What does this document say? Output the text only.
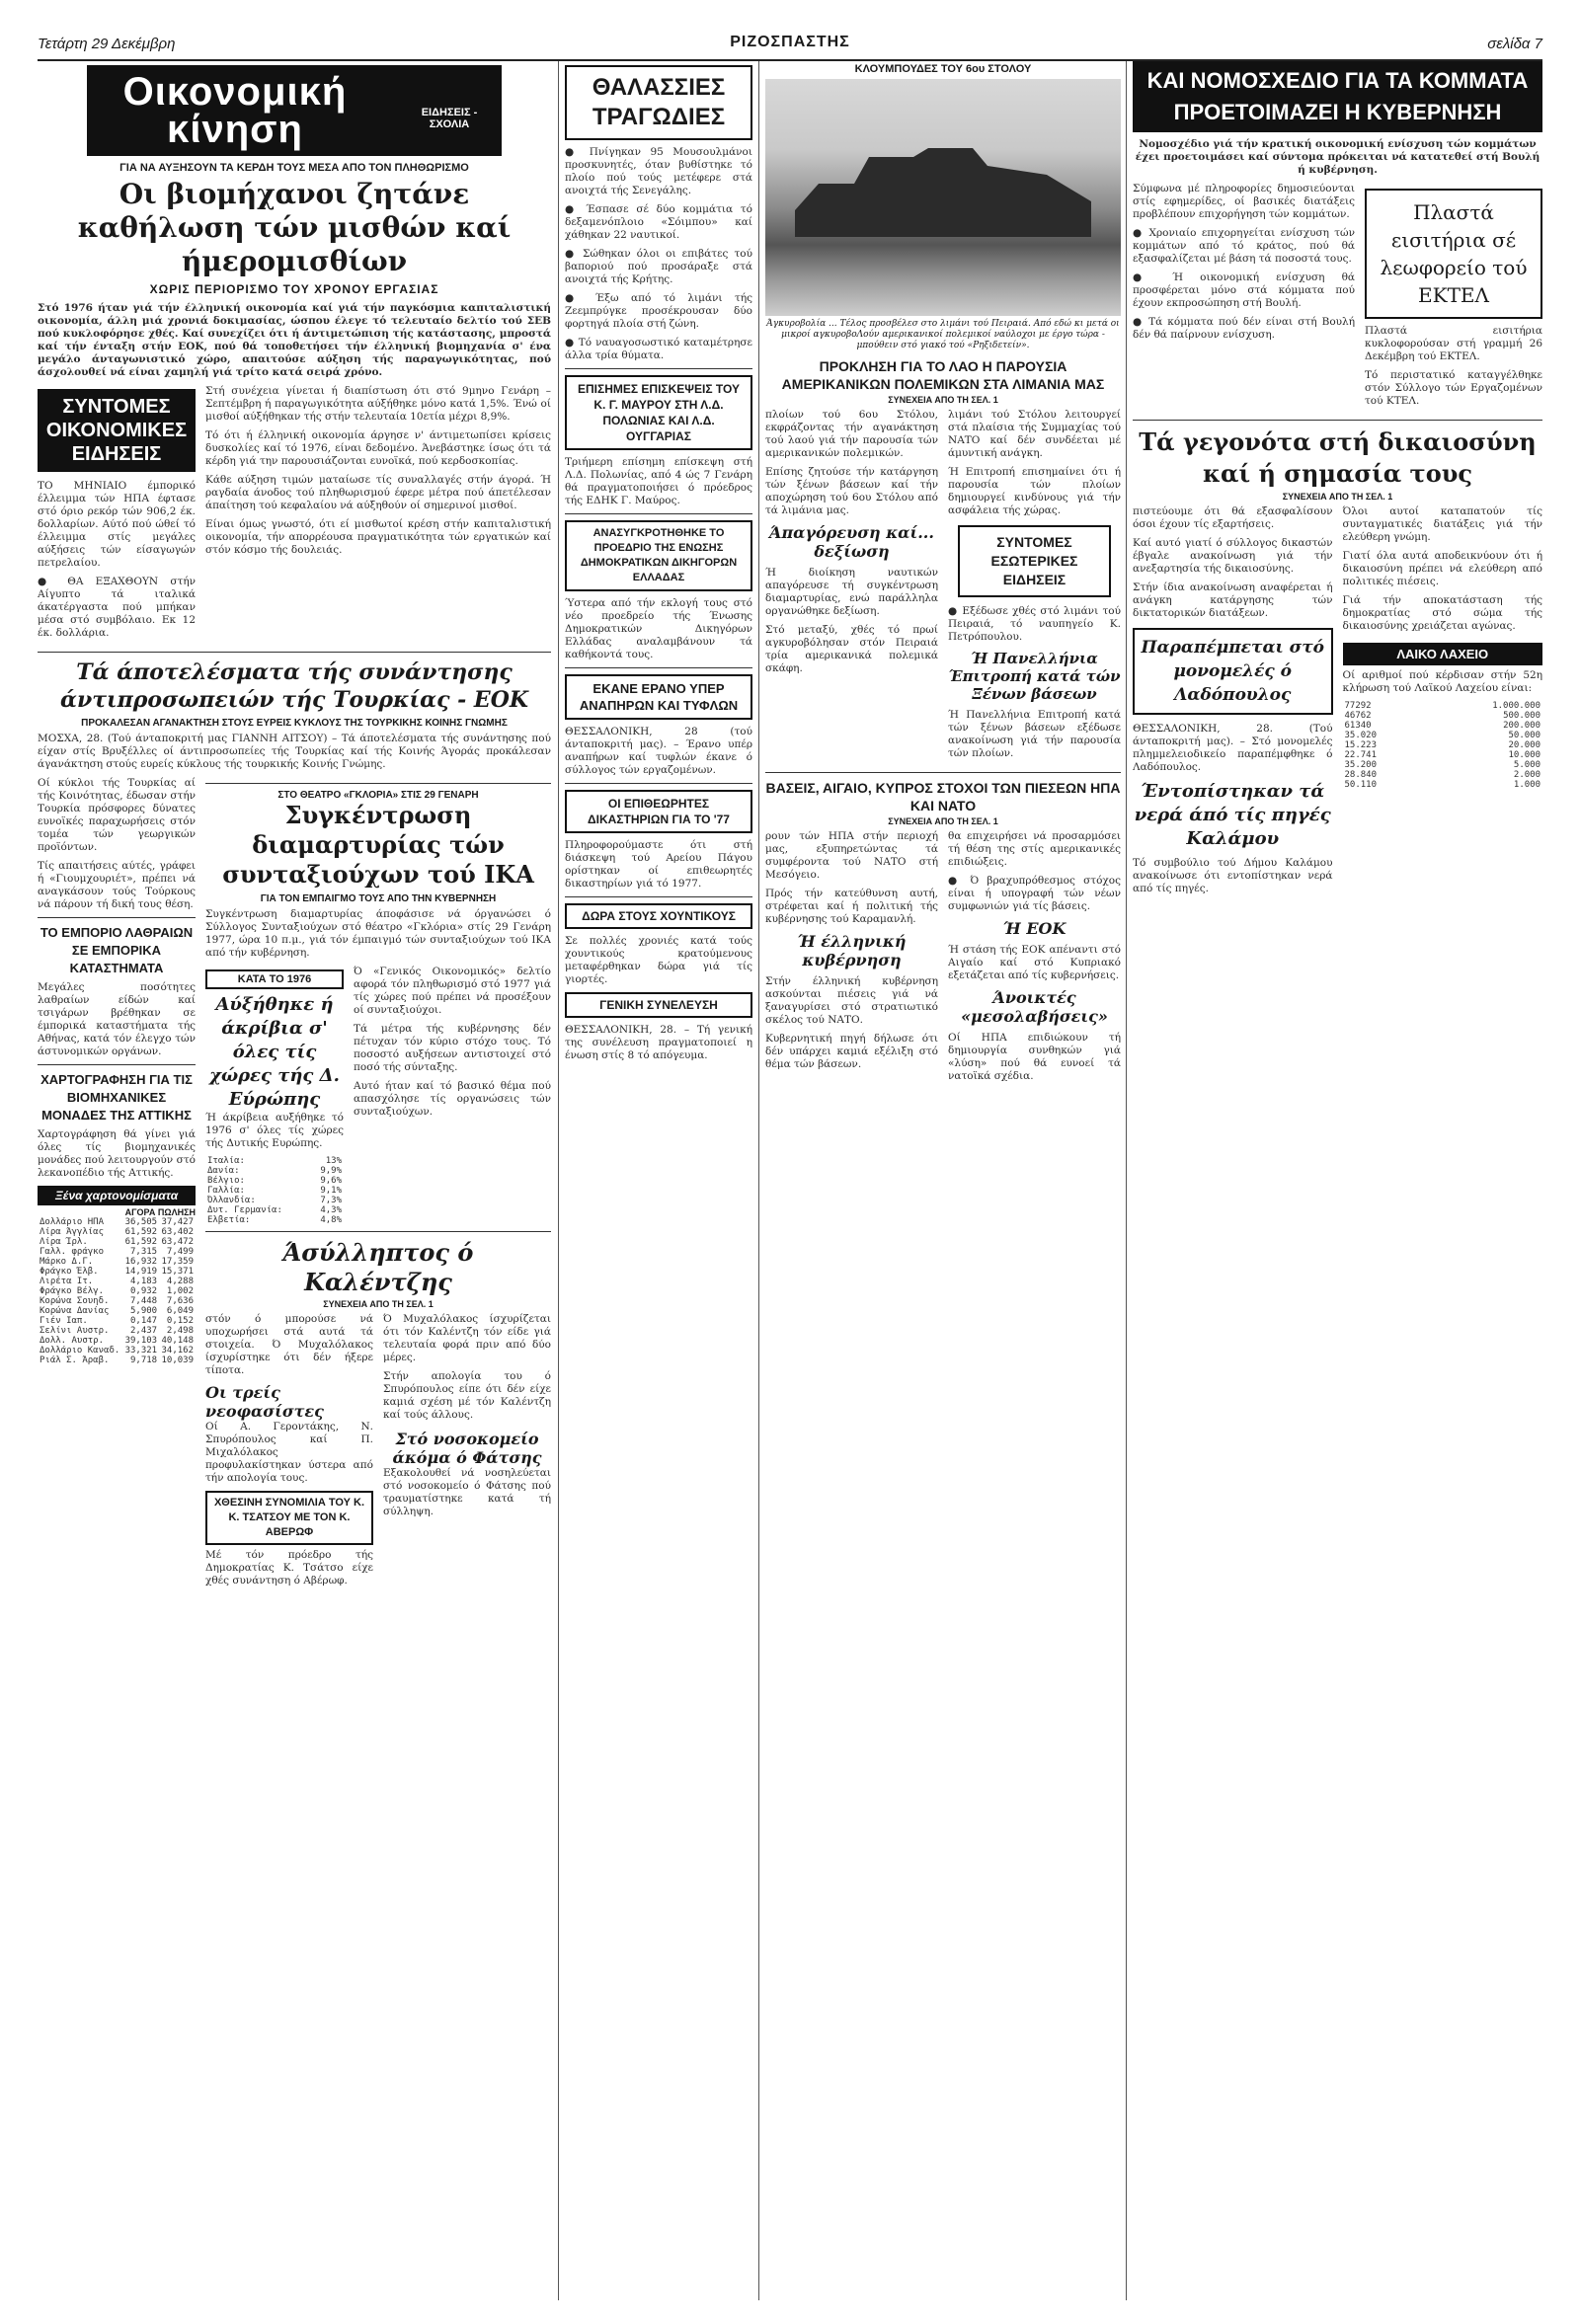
Τετάρτη 29 Δεκέμβρη	ΡΙΖΟΣΠΑΣΤΗΣ	σελίδα 7
Οικονομική κίνηση	ΕΙΔΗΣΕΙΣ - ΣΧΟΛΙΑ
ΓΙΑ ΝΑ ΑΥΞΗΣΟΥΝ ΤΑ ΚΕΡΔΗ ΤΟΥΣ ΜΕΣΑ ΑΠΟ ΤΟΝ ΠΛΗΘΩΡΙΣΜΟ
Οι βιομήχανοι ζητάνε καθήλωση τών μισθών καί ήμερομισθίων
ΧΩΡΙΣ ΠΕΡΙΟΡΙΣΜΟ ΤΟΥ ΧΡΟΝΟΥ ΕΡΓΑΣΙΑΣ

Στό 1976 ήταν γιά τήν έλληνική οικονομία καί γιά τήν παγκόσμια καπιταλιστική οικονομία, άλλη μιά χρονιά δοκιμασίας, ώσπου έλεγε τό τελευταίο δελτίο τού ΣΕΒ πού κυκλοφόρησε χθές. Καί συνεχίζει ότι ή άντιμετώπιση τής κατάστασης, μπροστά καί τήν ένταξη στήν ΕΟΚ, πού θά τοποθετήσει τήν έλληνική βιομηχανία σ' ένα μεγάλο άνταγωνιστικό χώρο, απαιτούσε αύξηση τής παραγωγικότητας, πού άσχολουθεί νά είναι χαμηλή γιά τρίτο κατά σειρά χρόνο.

ΣΥΝΤΟΜΕΣ ΟΙΚΟΝΟΜΙΚΕΣ ΕΙΔΗΣΕΙΣ

ΤΟ ΜΗΝΙΑΙΟ έμπορικό έλλειμμα τών ΗΠΑ έφτασε στό όριο ρεκόρ τών 906,2 έκ. δολλαρίων. Αύτό πού ώθεί τό έλλειμμα στίς μεγάλες αύξήσεις τών είσαγωγών πετρελαίου.

● ΘΑ ΕΞΑΧΘΟΥΝ στήν Αίγυπτο τά ιταλικά άκατέργαστα πού μπήκαν μέσα στό συμβόλαιο. Εκ 12 έκ. δολλάρια.

Στή συνέχεια γίνεται ή διαπίστωση ότι στό 9μηνο Γενάρη – Σεπτέμβρη ή παραγωγικότητα αύξήθηκε μόνο κατά 1,5%. Ένώ οί μισθοί αύξήθηκαν τής στήν τελευταία 10ετία μέχρι 8,9%.

Τό ότι ή έλληνική οικονομία άργησε ν' άντιμετωπίσει κρίσεις δυσκολίες καί τό 1976, είναι δεδομένο. Άνεβάστηκε ίσως ότι τά κέρδη γιά την παρουσιάζονται ευνοϊκά, πού κερδοσκοπίας.

Κάθε αύξηση τιμών ματαίωσε τίς συναλλαγές στήν άγορά. Ή ραγδαία άνοδος τού πληθωρισμού έφερε μέτρα πού άπετέλεσαν άπαίτηση τού κεφαλαίου νά αύξηθούν οί σημερινοί μισθοί.

Είναι όμως γνωστό, ότι εί μισθωτοί κρέση στήν καπιταλιστική οικονομία, τήν απορρέουσα πραγματικότητα τών εργατικών καί στόν κόσμο τής δουλειάς.

Τά άποτελέσματα τής συνάντησης άντιπροσωπειών τής Τουρκίας - ΕΟΚ
ΠΡΟΚΑΛΕΣΑΝ ΑΓΑΝΑΚΤΗΣΗ ΣΤΟΥΣ ΕΥΡΕΙΣ ΚΥΚΛΟΥΣ ΤΗΣ ΤΟΥΡΚΙΚΗΣ ΚΟΙΝΗΣ ΓΝΩΜΗΣ

ΜΟΣΧΑ, 28. (Τού άνταποκριτή μας ΓΙΑΝΝΗ ΑΙΤΣΟΥ) – Τά άποτελέσματα τής συνάντησης πού είχαν στίς Βρυξέλλες οί άντιπροσωπείες τής Τουρκίας καί τής Κοινής Άγοράς προκάλεσαν άγανάκτηση στούς ευρείς κύκλους τής τουρκικής Κοινής Γνώμης.

Οί κύκλοι τής Τουρκίας αί τής Κοινότητας, έδωσαν στήν Τουρκία πρόσφορες δύνατες ευνοϊκές παραχωρήσεις στόν τομέα τών γεωργικών προϊόντων.

Τίς απαιτήσεις αύτές, γράφει ή «Γιουμχουριέτ», πρέπει νά αναγκάσουν τούς Τούρκους νά πάρουν τή δική τους θέση.

ΤΟ ΕΜΠΟΡΙΟ ΛΑΘΡΑΙΩΝ ΣΕ ΕΜΠΟΡΙΚΑ ΚΑΤΑΣΤΗΜΑΤΑ

Μεγάλες ποσότητες λαθραίων είδών καί τσιγάρων βρέθηκαν σε έμπορικά καταστήματα τής Αθήνας, κατά τόν έλεγχο τών άστυνομικών οργάνων.

ΧΑΡΤΟΓΡΑΦΗΣΗ ΓΙΑ ΤΙΣ ΒΙΟΜΗΧΑΝΙΚΕΣ ΜΟΝΑΔΕΣ ΤΗΣ ΑΤΤΙΚΗΣ

Χαρτογράφηση θά γίνει γιά όλες τίς βιομηχανικές μονάδες πού λειτουργούν στό λεκανοπέδιο τής Αττικής.

Ξένα χαρτονομίσματα
ΑΓΟΡΑ ΠΩΛΗΣΗ
Δολλάριο ΗΠΑ	36,505	37,427
Λίρα Άγγλίας	61,592	63,402
Λίρα Ίρλ.	61,592	63,472
Γαλλ. φράγκο	7,315	7,499
Μάρκο Δ.Γ.	16,932	17,359
Φράγκο Έλβ.	14,919	15,371
Λιρέτα Ιτ.	4,183	4,288
Φράγκο Βέλγ.	0,932	1,002
Κορώνα Σουηδ.	7,448	7,636
Κορώνα Δανίας	5,900	6,049
Γιέν Ιαπ.	0,147	0,152
Σελίνι Αυστρ.	2,437	2,498
Δολλ. Αυστρ.	39,103	40,148
Δολλάριο Καναδ.	33,321	34,162
Ριάλ Σ. Άραβ.	9,718	10,039
ΣΤΟ ΘΕΑΤΡΟ «ΓΚΛΟΡΙΑ» ΣΤΙΣ 29 ΓΕΝΑΡΗ
Συγκέντρωση διαμαρτυρίας τών συνταξιούχων τού ΙΚΑ
ΓΙΑ ΤΟΝ ΕΜΠΑΙΓΜΟ ΤΟΥΣ ΑΠΟ ΤΗΝ ΚΥΒΕΡΝΗΣΗ

Συγκέντρωση διαμαρτυρίας άποφάσισε νά όργανώσει ό Σύλλογος Συνταξιούχων στό θέατρο «Γκλόρια» στίς 29 Γενάρη 1977, ώρα 10 π.μ., γιά τόν έμπαιγμό τών συνταξιούχων τού ΙΚΑ από τήν κυβέρνηση.

ΚΑΤΑ ΤΟ 1976
Αύξήθηκε ή άκρίβια σ' όλες τίς χώρες τής Δ. Εύρώπης

Ή άκρίβεια αυξήθηκε τό 1976 σ' όλες τίς χώρες τής Δυτικής Ευρώπης.

Ιταλία:	13%
Δανία:	9,9%
Βέλγιο:	9,6%
Γαλλία:	9,1%
Όλλανδία:	7,3%
Δυτ. Γερμανία:	4,3%
Ελβετία:	4,8%

Ό «Γενικός Οικονομικός» δελτίο αφορά τόν πληθωρισμό στό 1977 γιά τίς χώρες πού πρέπει νά προσέξουν οί συνταξιούχοι.

Τά μέτρα τής κυβέρνησης δέν πέτυχαν τόν κύριο στόχο τους. Τό ποσοστό αυξήσεων αντιστοιχεί στό ποσό τής σύνταξης.

Αυτό ήταν καί τό βασικό θέμα πού απασχόλησε τίς οργανώσεις τών συνταξιούχων.

Άσύλληπτος ό Καλέντζης
ΣΥΝΕΧΕΙΑ ΑΠΟ ΤΗ ΣΕΛ. 1

στόν ό μπορούσε νά υποχωρήσει στά αυτά τά στοιχεία. Ό Μυχαλόλακος ίσχυρίστηκε ότι δέν ήξερε τίποτα.

Οι τρείς νεοφασίστες

Οί Α. Γεροντάκης, Ν. Σπυρόπουλος καί Π. Μιχαλόλακος προφυλακίστηκαν ύστερα από τήν απολογία τους.

ΧΘΕΣΙΝΗ ΣΥΝΟΜΙΛΙΑ ΤΟΥ Κ. Κ. ΤΣΑΤΣΟΥ ΜΕ ΤΟΝ Κ. ΑΒΕΡΩΦ

Μέ τόν πρόεδρο τής Δημοκρατίας Κ. Τσάτσο είχε χθές συνάντηση ό Αβέρωφ.

Ό Μυχαλόλακος ίσχυρίζεται ότι τόν Καλέντζη τόν είδε γιά τελευταία φορά πριν από δύο μέρες.

Στήν απολογία του ό Σπυρόπουλος είπε ότι δέν είχε καμιά σχέση μέ τόν Καλέντζη καί τούς άλλους.

Στό νοσοκομείο άκόμα ό Φάτσης

Εξακολουθεί νά νοσηλεύεται στό νοσοκομείο ό Φάτσης πού τραυματίστηκε κατά τή σύλληψη.

ΘΑΛΑΣΣΙΕΣ ΤΡΑΓΩΔΙΕΣ

● Πνίγηκαν 95 Μουσουλμάνοι προσκυνητές, όταν βυθίστηκε τό πλοίο πού τούς μετέφερε στά ανοιχτά τής Σενεγάλης.

● Έσπασε σέ δύο κομμάτια τό δεξαμενόπλοιο «Σόιμπου» καί χάθηκαν 22 ναυτικοί.

● Σώθηκαν όλοι οι επιβάτες τού βαποριού πού προσάραξε στά ανοιχτά τής Κρήτης.

● Έξω από τό λιμάνι τής Ζεεμπρύγκε προσέκρουσαν δύο φορτηγά πλοία στή ζώνη.

● Τό ναυαγοσωστικό καταμέτρησε άλλα τρία θύματα.

ΕΠΙΣΗΜΕΣ ΕΠΙΣΚΕΨΕΙΣ ΤΟΥ Κ. Γ. ΜΑΥΡΟΥ ΣΤΗ Λ.Δ. ΠΟΛΩΝΙΑΣ ΚΑΙ Λ.Δ. ΟΥΓΓΑΡΙΑΣ

Τριήμερη επίσημη επίσκεψη στή Λ.Δ. Πολωνίας, από 4 ώς 7 Γενάρη θά πραγματοποιήσει ό πρόεδρος τής ΕΔΗΚ Γ. Μαύρος.

ΑΝΑΣΥΓΚΡΟΤΗΘΗΚΕ ΤΟ ΠΡΟΕΔΡΙΟ ΤΗΣ ΕΝΩΣΗΣ ΔΗΜΟΚΡΑΤΙΚΩΝ ΔΙΚΗΓΟΡΩΝ ΕΛΛΑΔΑΣ

Ύστερα από τήν εκλογή τους στό νέο προεδρείο τής Ένωσης Δημοκρατικών Δικηγόρων Ελλάδας αναλαμβάνουν τά καθήκοντά τους.

ΕΚΑΝΕ ΕΡΑΝΟ ΥΠΕΡ ΑΝΑΠΗΡΩΝ ΚΑΙ ΤΥΦΛΩΝ

ΘΕΣΣΑΛΟΝΙΚΗ, 28 (τού άνταποκριτή μας). – Έρανο υπέρ αναπήρων καί τυφλών έκανε ό σύλλογος τών εργαζομένων.

ΟΙ ΕΠΙΘΕΩΡΗΤΕΣ ΔΙΚΑΣΤΗΡΙΩΝ ΓΙΑ ΤΟ '77

Πληροφορούμαστε ότι στή διάσκεψη τού Αρείου Πάγου ορίστηκαν οί επιθεωρητές δικαστηρίων γιά τό 1977.

ΔΩΡΑ ΣΤΟΥΣ ΧΟΥΝΤΙΚΟΥΣ

Σε πολλές χρονιές κατά τούς χουντικούς κρατούμενους μεταφέρθηκαν δώρα γιά τίς γιορτές.

ΓΕΝΙΚΗ ΣΥΝΕΛΕΥΣΗ

ΘΕΣΣΑΛΟΝΙΚΗ, 28. – Τή γενική της συνέλευση πραγματοποιεί η ένωση στίς 8 τό απόγευμα.

ΚΛΟΥΜΠΟΥΔΕΣ ΤΟΥ 6ου ΣΤΟΛΟΥ
Άγκυροβολία ... Τέλος προσβέλεσ στο λιμάνι τού Πειραιά. Από εδώ κι μετά οι μικροί αγκυροβοΛούν αμερικανικοί πολεμικοί ναύλοχοι με έργο τώρα - μπούθειν στό γιακό τού «Ρηξιδετείν».
ΠΡΟΚΛΗΣΗ ΓΙΑ ΤΟ ΛΑΟ Η ΠΑΡΟΥΣΙΑ ΑΜΕΡΙΚΑΝΙΚΩΝ ΠΟΛΕΜΙΚΩΝ ΣΤΑ ΛΙΜΑΝΙΑ ΜΑΣ
ΣΥΝΕΧΕΙΑ ΑΠΟ ΤΗ ΣΕΛ. 1

πλοίων τού 6ου Στόλου, εκφράζοντας τήν αγανάκτηση τού λαού γιά τήν παρουσία τών αμερικανικών πολεμικών.

Επίσης ζητούσε τήν κατάργηση τών ξένων βάσεων καί τήν αποχώρηση τού 6ου Στόλου από τά λιμάνια μας.

Άπαγόρευση καί... δεξίωση

Ή διοίκηση ναυτικών απαγόρευσε τή συγκέντρωση διαμαρτυρίας, ενώ παράλληλα οργανώθηκε δεξίωση.

Στό μεταξύ, χθές τό πρωί αγκυροβόλησαν στόν Πειραιά τρία αμερικανικά πολεμικά σκάφη.

λιμάνι τού Στόλου λειτουργεί στά πλαίσια τής Συμμαχίας τού ΝΑΤΟ καί δέν συνδέεται μέ άμυντική ανάγκη.

Ή Επιτροπή επισημαίνει ότι ή παρουσία τών πλοίων δημιουργεί κινδύνους γιά τήν ασφάλεια τής χώρας.

ΣΥΝΤΟΜΕΣ ΕΣΩΤΕΡΙΚΕΣ ΕΙΔΗΣΕΙΣ

● Εξέδωσε χθές στό λιμάνι τού Πειραιά, τό ναυπηγείο Κ. Πετρόπουλου.

Ή Πανελλήνια Έπιτροπή κατά τών Ξένων βάσεων

Ή Πανελλήνια Επιτροπή κατά τών ξένων βάσεων εξέδωσε ανακοίνωση γιά τήν παρουσία τών πλοίων.

ΒΑΣΕΙΣ, ΑΙΓΑΙΟ, ΚΥΠΡΟΣ ΣΤΟΧΟΙ ΤΩΝ ΠΙΕΣΕΩΝ ΗΠΑ ΚΑΙ ΝΑΤΟ
ΣΥΝΕΧΕΙΑ ΑΠΟ ΤΗ ΣΕΛ. 1

ρουν τών ΗΠΑ στήν περιοχή μας, εξυπηρετώντας τά συμφέροντα τού ΝΑΤΟ στή Μεσόγειο.

Πρός τήν κατεύθυνση αυτή, στρέφεται καί ή πολιτική τής κυβέρνησης τού Καραμανλή.

Ή έλληνική κυβέρνηση

Στήν έλληνική κυβέρνηση ασκούνται πιέσεις γιά νά ξαναγυρίσει στό στρατιωτικό σκέλος τού ΝΑΤΟ.

Κυβερνητική πηγή δήλωσε ότι δέν υπάρχει καμιά εξέλιξη στό θέμα τών βάσεων.

θα επιχειρήσει νά προσαρμόσει τή θέση της στίς αμερικανικές επιδιώξεις.

● Ό βραχυπρόθεσμος στόχος είναι ή υπογραφή τών νέων συμφωνιών γιά τίς βάσεις.

Ή ΕΟΚ

Ή στάση τής ΕΟΚ απέναντι στό Αιγαίο καί στό Κυπριακό εξετάζεται από τίς κυβερνήσεις.

Άνοικτές «μεσολαβήσεις»

Οί ΗΠΑ επιδιώκουν τή δημιουργία συνθηκών γιά «λύση» πού θά ευνοεί τά νατοϊκά σχέδια.

ΚΑΙ ΝΟΜΟΣΧΕΔΙΟ ΓΙΑ ΤΑ ΚΟΜΜΑΤΑ
ΠΡΟΕΤΟΙΜΑΖΕΙ Η ΚΥΒΕΡΝΗΣΗ

Νομοσχέδιο γιά τήν κρατική οικονομική ενίσχυση τών κομμάτων έχει προετοιμάσει καί σύντομα πρόκειται νά κατατεθεί στή Βουλή ή κυβέρνηση.

Σύμφωνα μέ πληροφορίες δημοσιεύονται στίς εφημερίδες, οί βασικές διατάξεις προβλέπουν επιχορήγηση τών κομμάτων.

● Χρονιαίο επιχορηγείται ενίσχυση τών κομμάτων από τό κράτος, πού θά εξασφαλίζεται μέ βάση τά ποσοστά τους.

● Ή οικονομική ενίσχυση θά προσφέρεται μόνο στά κόμματα πού έχουν εκπροσώπηση στή Βουλή.

● Τά κόμματα πού δέν είναι στή Βουλή δέν θά παίρνουν ενίσχυση.

Πλαστά εισιτήρια σέ λεωφορείο τού ΕΚΤΕΛ

Πλαστά εισιτήρια κυκλοφορούσαν στή γραμμή 26 Δεκέμβρη τού ΕΚΤΕΛ.

Τό περιστατικό καταγγέλθηκε στόν Σύλλογο τών Εργαζομένων τού ΚΤΕΛ.

Τά γεγονότα στή δικαιοσύνη καί ή σημασία τους
ΣΥΝΕΧΕΙΑ ΑΠΟ ΤΗ ΣΕΛ. 1

πιστεύουμε ότι θά εξασφαλίσουν όσοι έχουν τίς εξαρτήσεις.

Καί αυτό γιατί ό σύλλογος δικαστών έβγαλε ανακοίνωση γιά τήν ανεξαρτησία τής δικαιοσύνης.

Στήν ίδια ανακοίνωση αναφέρεται ή ανάγκη κατάργησης τών δικτατορικών διατάξεων.

Παραπέμπεται στό μονομελές ό Λαδόπουλος

ΘΕΣΣΑΛΟΝΙΚΗ, 28. (Τού άνταποκριτή μας). – Στό μονομελές πλημμελειοδικείο παραπέμφθηκε ό Λαδόπουλος.

Έντοπίστηκαν τά νερά άπό τίς πηγές Καλάμου

Τό συμβούλιο τού Δήμου Καλάμου ανακοίνωσε ότι εντοπίστηκαν νερά από τίς πηγές.

Όλοι αυτοί καταπατούν τίς συνταγματικές διατάξεις γιά τήν ελεύθερη γνώμη.

Γιατί όλα αυτά αποδεικνύουν ότι ή δικαιοσύνη πρέπει νά ελεύθερη από πολιτικές πιέσεις.

Γιά τήν αποκατάσταση τής δημοκρατίας στό σώμα τής δικαιοσύνης χρειάζεται αγώνας.

ΛΑΙΚΟ ΛΑΧΕΙΟ

Οί αριθμοί πού κέρδισαν στήν 52η κλήρωση τού Λαϊκού Λαχείου είναι:

77292	1.000.000
46762	500.000
61340	200.000
35.020	50.000
15.223	20.000
22.741	10.000
35.200	5.000
28.840	2.000
50.110	1.000
